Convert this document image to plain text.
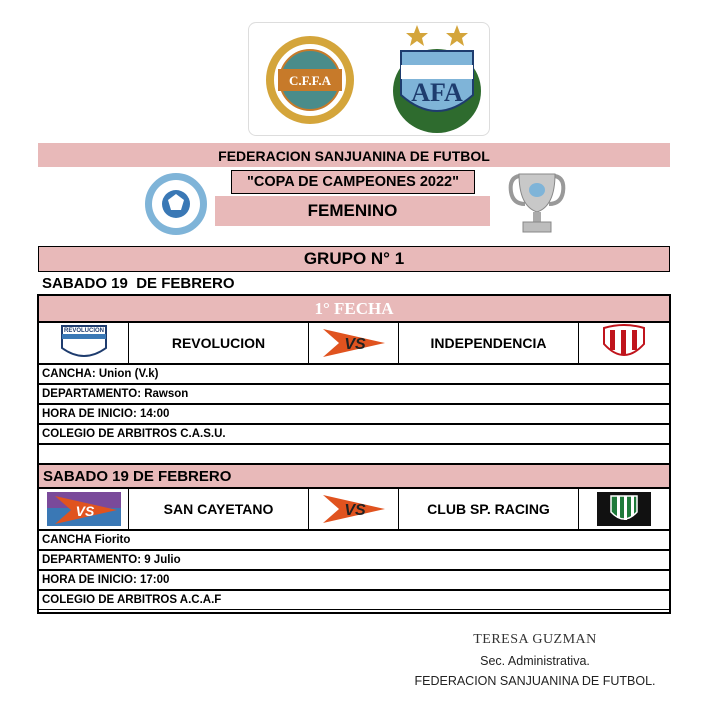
C.F.F.A	AFA
FEDERACION SANJUANINA DE FUTBOL
"COPA DE CAMPEONES 2022"
FEMENINO
GRUPO N° 1
SABADO 19  DE FEBRERO
1° FECHA
REVOLUCION
REVOLUCION	VS	INDEPENDENCIA
CANCHA: Union (V.k)
DEPARTAMENTO: Rawson
HORA DE INICIO: 14:00
COLEGIO DE ARBITROS C.A.S.U.
SABADO 19 DE FEBRERO
VS	SAN CAYETANO	VS	CLUB SP. RACING
CANCHA Fiorito
DEPARTAMENTO: 9 Julio
HORA DE INICIO: 17:00
COLEGIO DE ARBITROS A.C.A.F
TERESA GUZMAN
Sec. Administrativa.
FEDERACION SANJUANINA DE FUTBOL.
